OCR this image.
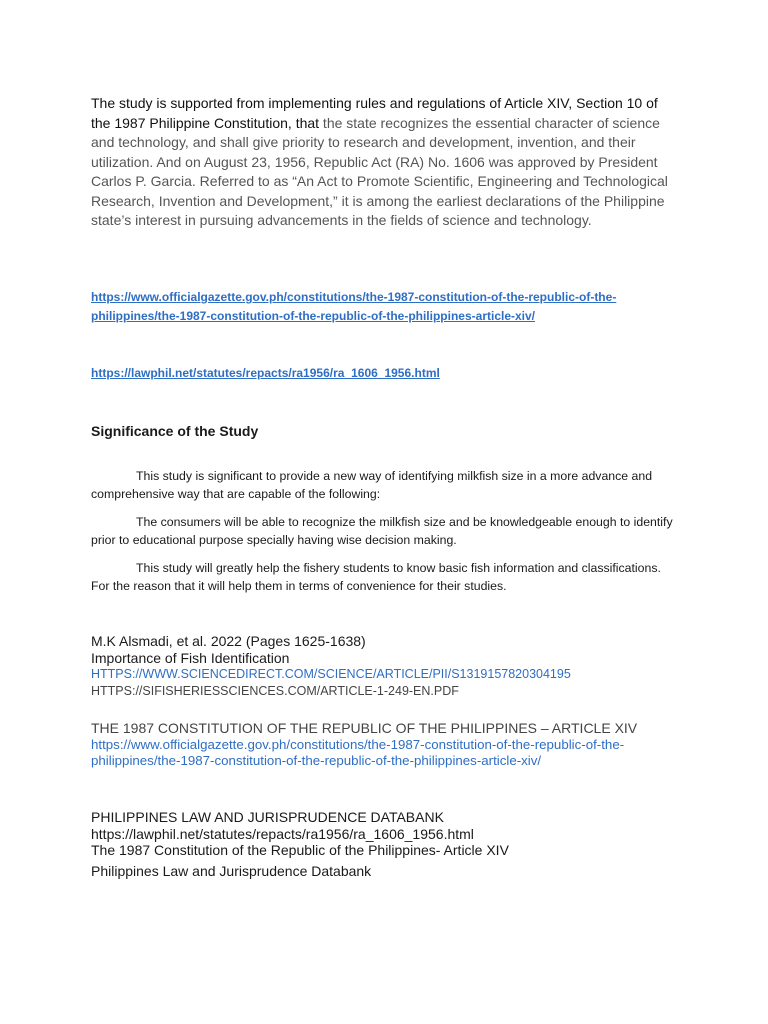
The study is supported from implementing rules and regulations of Article XIV, Section 10 of the 1987 Philippine Constitution, that the state recognizes the essential character of science and technology, and shall give priority to research and development, invention, and their utilization. And on August 23, 1956, Republic Act (RA) No. 1606 was approved by President Carlos P. Garcia. Referred to as “An Act to Promote Scientific, Engineering and Technological Research, Invention and Development,” it is among the earliest declarations of the Philippine state’s interest in pursuing advancements in the fields of science and technology.

https://www.officialgazette.gov.ph/constitutions/the-1987-constitution-of-the-republic-of-the-philippines/the-1987-constitution-of-the-republic-of-the-philippines-article-xiv/
https://lawphil.net/statutes/repacts/ra1956/ra_1606_1956.html
Significance of the Study

This study is significant to provide a new way of identifying milkfish size in a more advance and comprehensive way that are capable of the following:

The consumers will be able to recognize the milkfish size and be knowledgeable enough to identify prior to educational purpose specially having wise decision making.

This study will greatly help the fishery students to know basic fish information and classifications. For the reason that it will help them in terms of convenience for their studies.

M.K Alsmadi, et al. 2022 (Pages 1625-1638)
Importance of Fish Identification
HTTPS://WWW.SCIENCEDIRECT.COM/SCIENCE/ARTICLE/PII/S1319157820304195
HTTPS://SIFISHERIESSCIENCES.COM/ARTICLE-1-249-EN.PDF
THE 1987 CONSTITUTION OF THE REPUBLIC OF THE PHILIPPINES – ARTICLE XIV
https://www.officialgazette.gov.ph/constitutions/the-1987-constitution-of-the-republic-of-the-philippines/the-1987-constitution-of-the-republic-of-the-philippines-article-xiv/
PHILIPPINES LAW AND JURISPRUDENCE DATABANK
https://lawphil.net/statutes/repacts/ra1956/ra_1606_1956.html
The 1987 Constitution of the Republic of the Philippines- Article XIV
Philippines Law and Jurisprudence Databank
